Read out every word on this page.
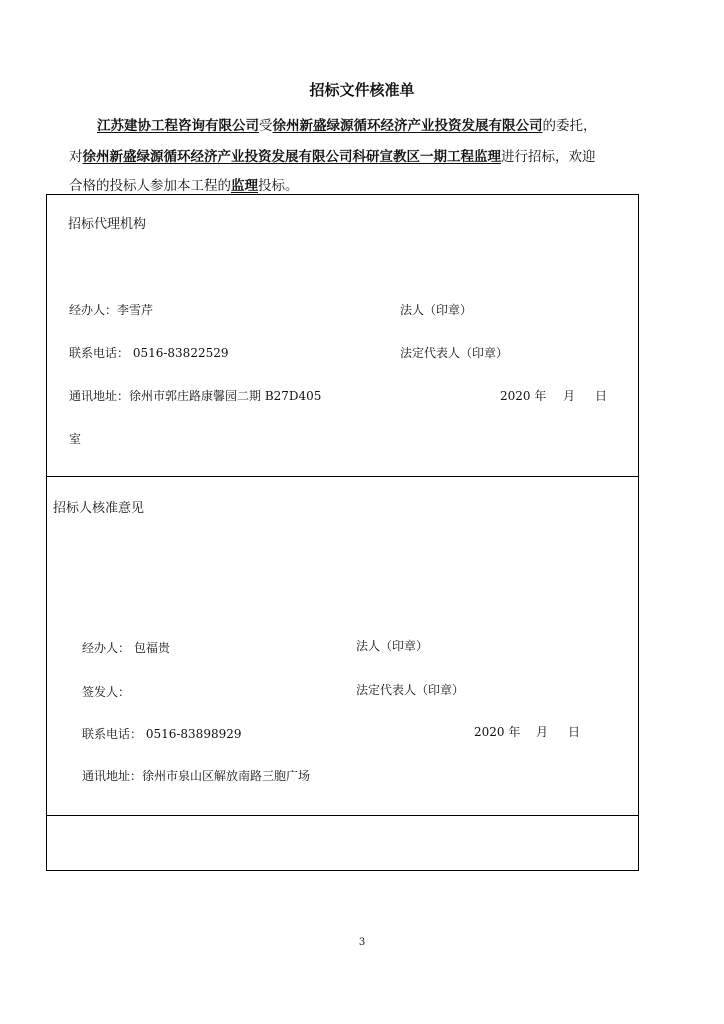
招标文件核准单
江苏建协工程咨询有限公司受徐州新盛绿源循环经济产业投资发展有限公司的委托，
对徐州新盛绿源循环经济产业投资发展有限公司科研宣教区一期工程监理进行招标，欢迎
合格的投标人参加本工程的监理投标。
招标代理机构
经办人：李雪芹	法人（印章）
联系电话： 0516-83822529	法定代表人（印章）
通讯地址：徐州市郭庄路康馨园二期 B27D405	2020 年 月 日
室
招标人核准意见
经办人： 包福贵	法人（印章）
签发人：	法定代表人（印章）
联系电话： 0516-83898929	2020 年 月 日
通讯地址：徐州市泉山区解放南路三胞广场
3
